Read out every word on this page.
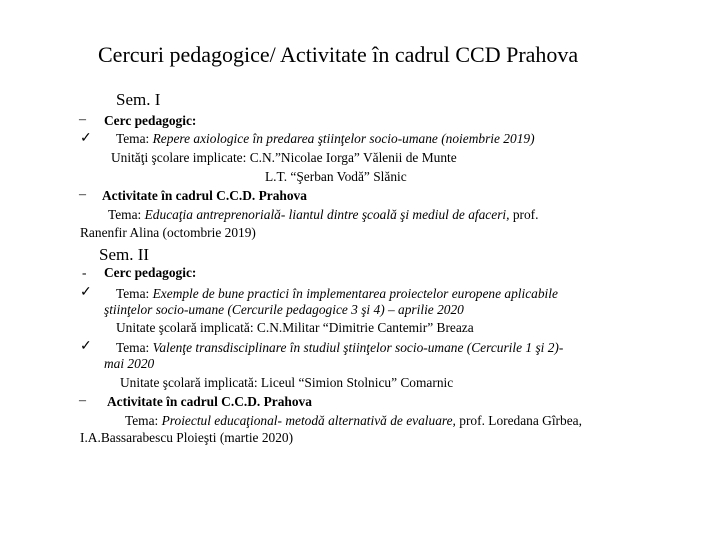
Cercuri pedagogice/ Activitate în cadrul CCD Prahova
Sem. I
– Cerc pedagogic:
✓ Tema: Repere axiologice în predarea ştiinţelor socio-umane (noiembrie 2019)
Unităţi şcolare implicate: C.N.”Nicolae Iorga” Vălenii de Munte
L.T. “Şerban Vodă” Slănic
– Activitate în cadrul C.C.D. Prahova
Tema: Educaţia antreprenorială- liantul dintre şcoală şi mediul de afaceri, prof.
Ranenfir Alina (octombrie 2019)
Sem. II
- Cerc pedagogic:
✓ Tema: Exemple de bune practici în implementarea proiectelor europene aplicabile
ştiinţelor socio-umane (Cercurile pedagogice 3 şi 4) – aprilie 2020
Unitate şcolară implicată: C.N.Militar “Dimitrie Cantemir” Breaza
✓ Tema: Valenţe transdisciplinare în studiul ştiinţelor socio-umane (Cercurile 1 şi 2)-
mai 2020
Unitate şcolară implicată: Liceul “Simion Stolnicu” Comarnic
– Activitate în cadrul C.C.D. Prahova
Tema: Proiectul educaţional- metodă alternativă de evaluare, prof. Loredana Gîrbea,
I.A.Bassarabescu Ploieşti (martie 2020)
